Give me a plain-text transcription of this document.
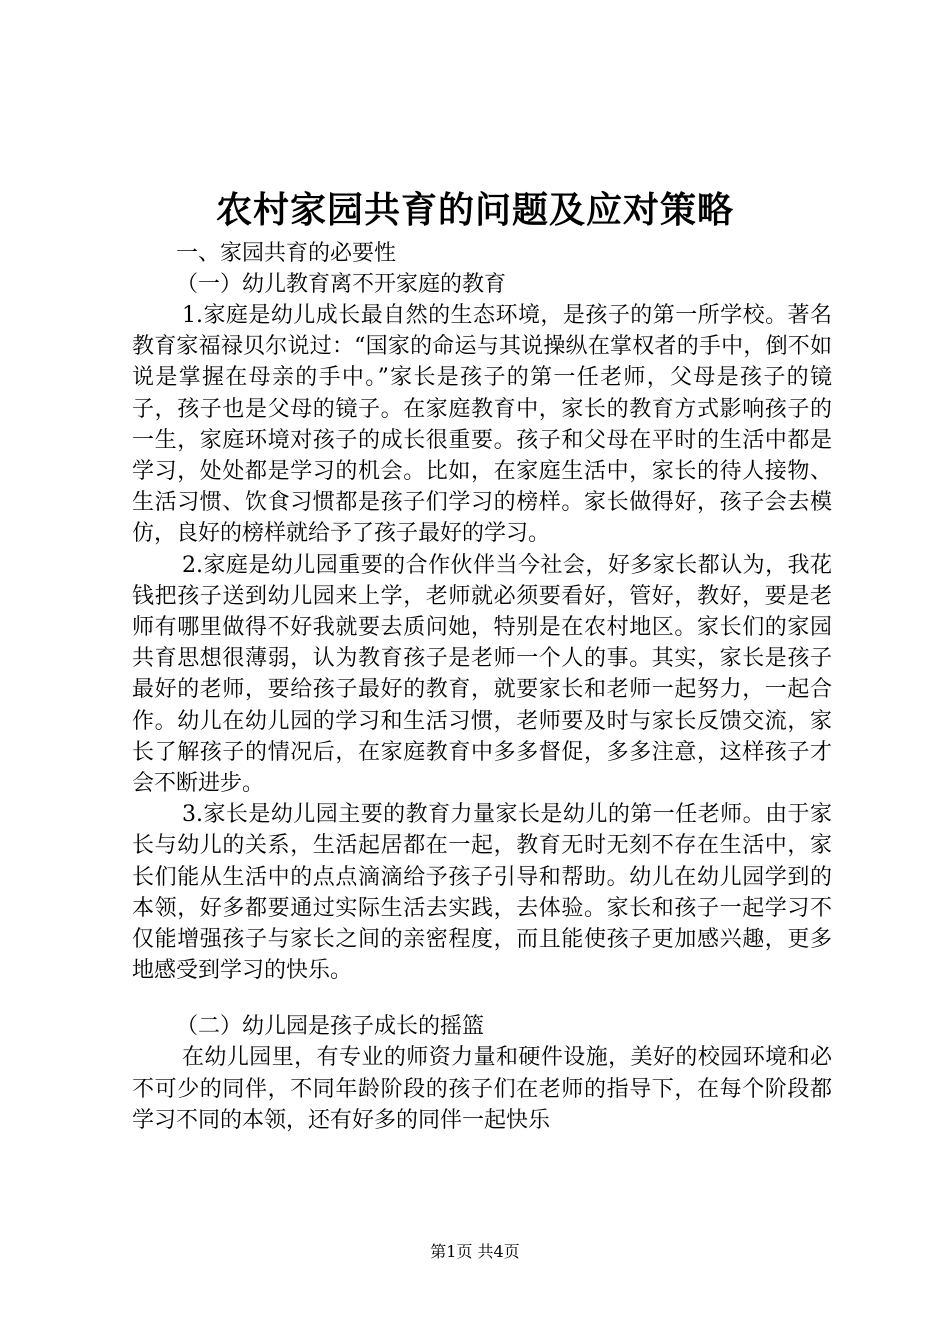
农村家园共育的问题及应对策略
一、家园共育的必要性
（一）幼儿教育离不开家庭的教育

1.家庭是幼儿成长最自然的生态环境，是孩子的第一所学校。著名教育家福禄贝尔说过：“国家的命运与其说操纵在掌权者的手中，倒不如说是掌握在母亲的手中。”家长是孩子的第一任老师，父母是孩子的镜子，孩子也是父母的镜子。在家庭教育中，家长的教育方式影响孩子的一生，家庭环境对孩子的成长很重要。孩子和父母在平时的生活中都是学习，处处都是学习的机会。比如，在家庭生活中，家长的待人接物、生活习惯、饮食习惯都是孩子们学习的榜样。家长做得好，孩子会去模仿，良好的榜样就给予了孩子最好的学习。

2.家庭是幼儿园重要的合作伙伴当今社会，好多家长都认为，我花钱把孩子送到幼儿园来上学，老师就必须要看好，管好，教好，要是老师有哪里做得不好我就要去质问她，特别是在农村地区。家长们的家园共育思想很薄弱，认为教育孩子是老师一个人的事。其实，家长是孩子最好的老师，要给孩子最好的教育，就要家长和老师一起努力，一起合作。幼儿在幼儿园的学习和生活习惯，老师要及时与家长反馈交流，家长了解孩子的情况后，在家庭教育中多多督促，多多注意，这样孩子才会不断进步。

3.家长是幼儿园主要的教育力量家长是幼儿的第一任老师。由于家长与幼儿的关系，生活起居都在一起，教育无时无刻不存在生活中，家长们能从生活中的点点滴滴给予孩子引导和帮助。幼儿在幼儿园学到的本领，好多都要通过实际生活去实践，去体验。家长和孩子一起学习不仅能增强孩子与家长之间的亲密程度，而且能使孩子更加感兴趣，更多地感受到学习的快乐。

（二）幼儿园是孩子成长的摇篮

在幼儿园里，有专业的师资力量和硬件设施，美好的校园环境和必不可少的同伴，不同年龄阶段的孩子们在老师的指导下，在每个阶段都学习不同的本领，还有好多的同伴一起快乐

第1页 共4页
